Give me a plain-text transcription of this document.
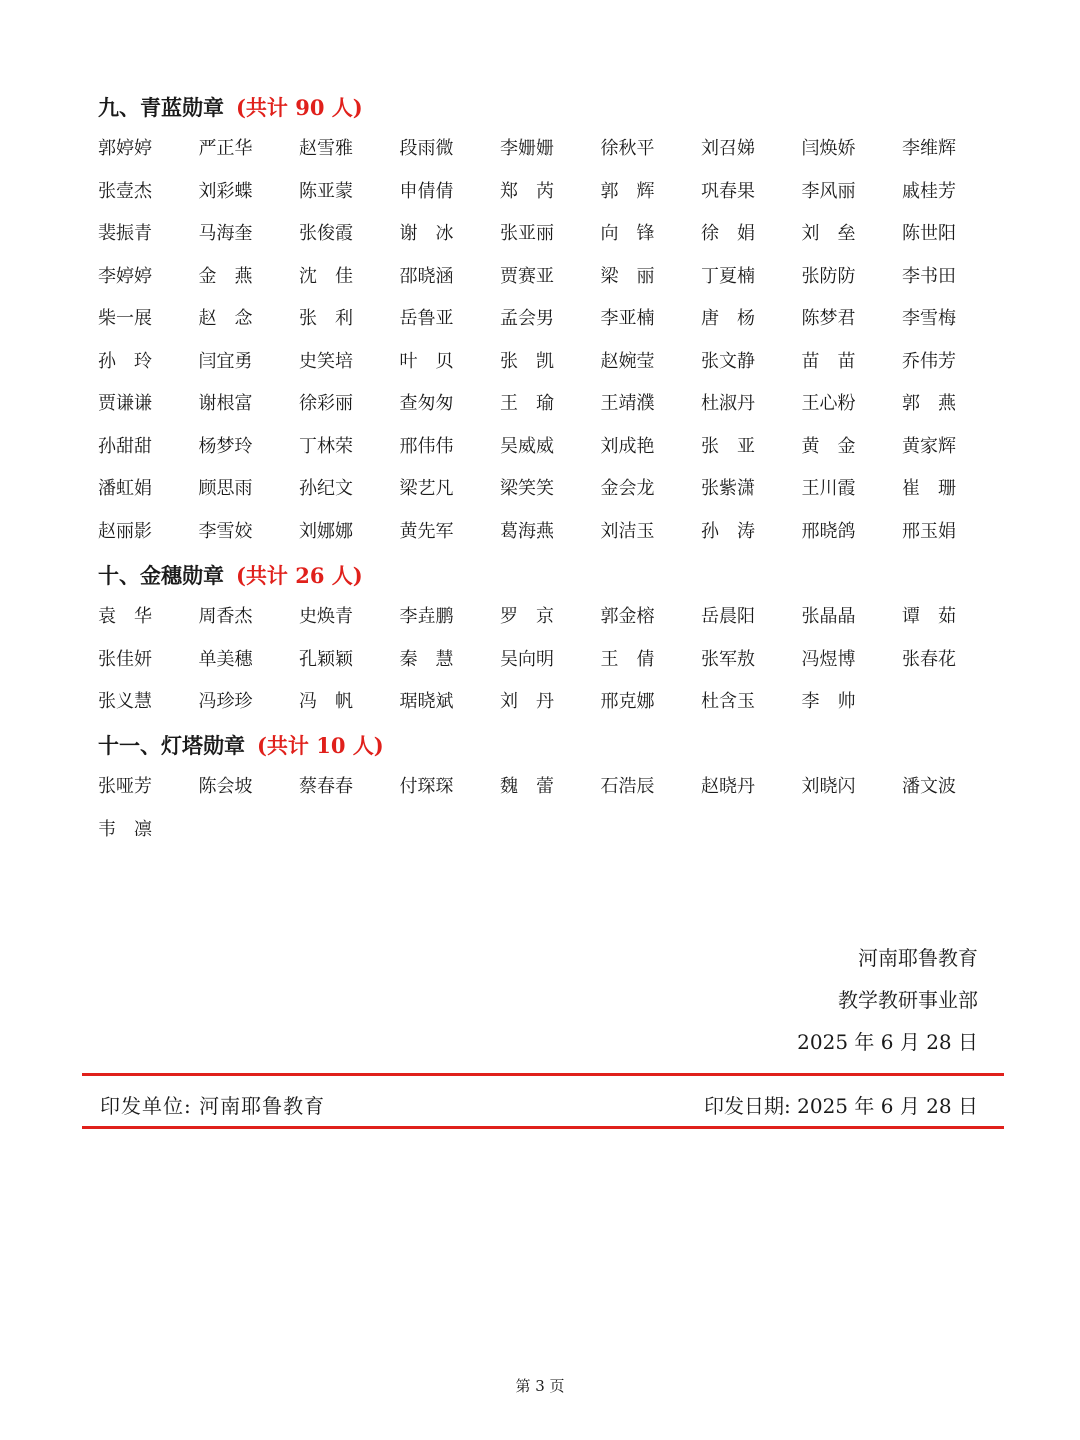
九、青蓝勋章 (共计 90 人)
郭婷婷	严正华	赵雪雅	段雨微	李姗姗	徐秋平	刘召娣	闫焕娇	李维辉
张壹杰	刘彩蝶	陈亚蒙	申倩倩	郑　芮	郭　辉	巩春果	李风丽	戚桂芳
裴振青	马海奎	张俊霞	谢　冰	张亚丽	向　锋	徐　娟	刘　垒	陈世阳
李婷婷	金　燕	沈　佳	邵晓涵	贾赛亚	梁　丽	丁夏楠	张防防	李书田
柴一展	赵　念	张　利	岳鲁亚	孟会男	李亚楠	唐　杨	陈梦君	李雪梅
孙　玲	闫宜勇	史笑培	叶　贝	张　凯	赵婉莹	张文静	苗　苗	乔伟芳
贾谦谦	谢根富	徐彩丽	查匆匆	王　瑜	王靖濮	杜淑丹	王心粉	郭　燕
孙甜甜	杨梦玲	丁林荣	邢伟伟	吴威威	刘成艳	张　亚	黄　金	黄家辉
潘虹娟	顾思雨	孙纪文	梁艺凡	梁笑笑	金会龙	张紫潇	王川霞	崔　珊
赵丽影	李雪姣	刘娜娜	黄先军	葛海燕	刘洁玉	孙　涛	邢晓鸽	邢玉娟
十、金穗勋章 (共计 26 人)
袁　华	周香杰	史焕青	李垚鹏	罗　京	郭金榕	岳晨阳	张晶晶	谭　茹
张佳妍	单美穗	孔颖颖	秦　慧	吴向明	王　倩	张军敖	冯煜博	张春花
张义慧	冯珍珍	冯　帆	琚晓斌	刘　丹	邢克娜	杜含玉	李　帅
十一、灯塔勋章 (共计 10 人)
张哑芳	陈会坡	蔡春春	付琛琛	魏　蕾	石浩辰	赵晓丹	刘晓闪	潘文波
韦　凛
河南耶鲁教育
教学教研事业部
2025 年 6 月 28 日
印发单位: 河南耶鲁教育	印发日期: 2025 年 6 月 28 日
第 3 页
